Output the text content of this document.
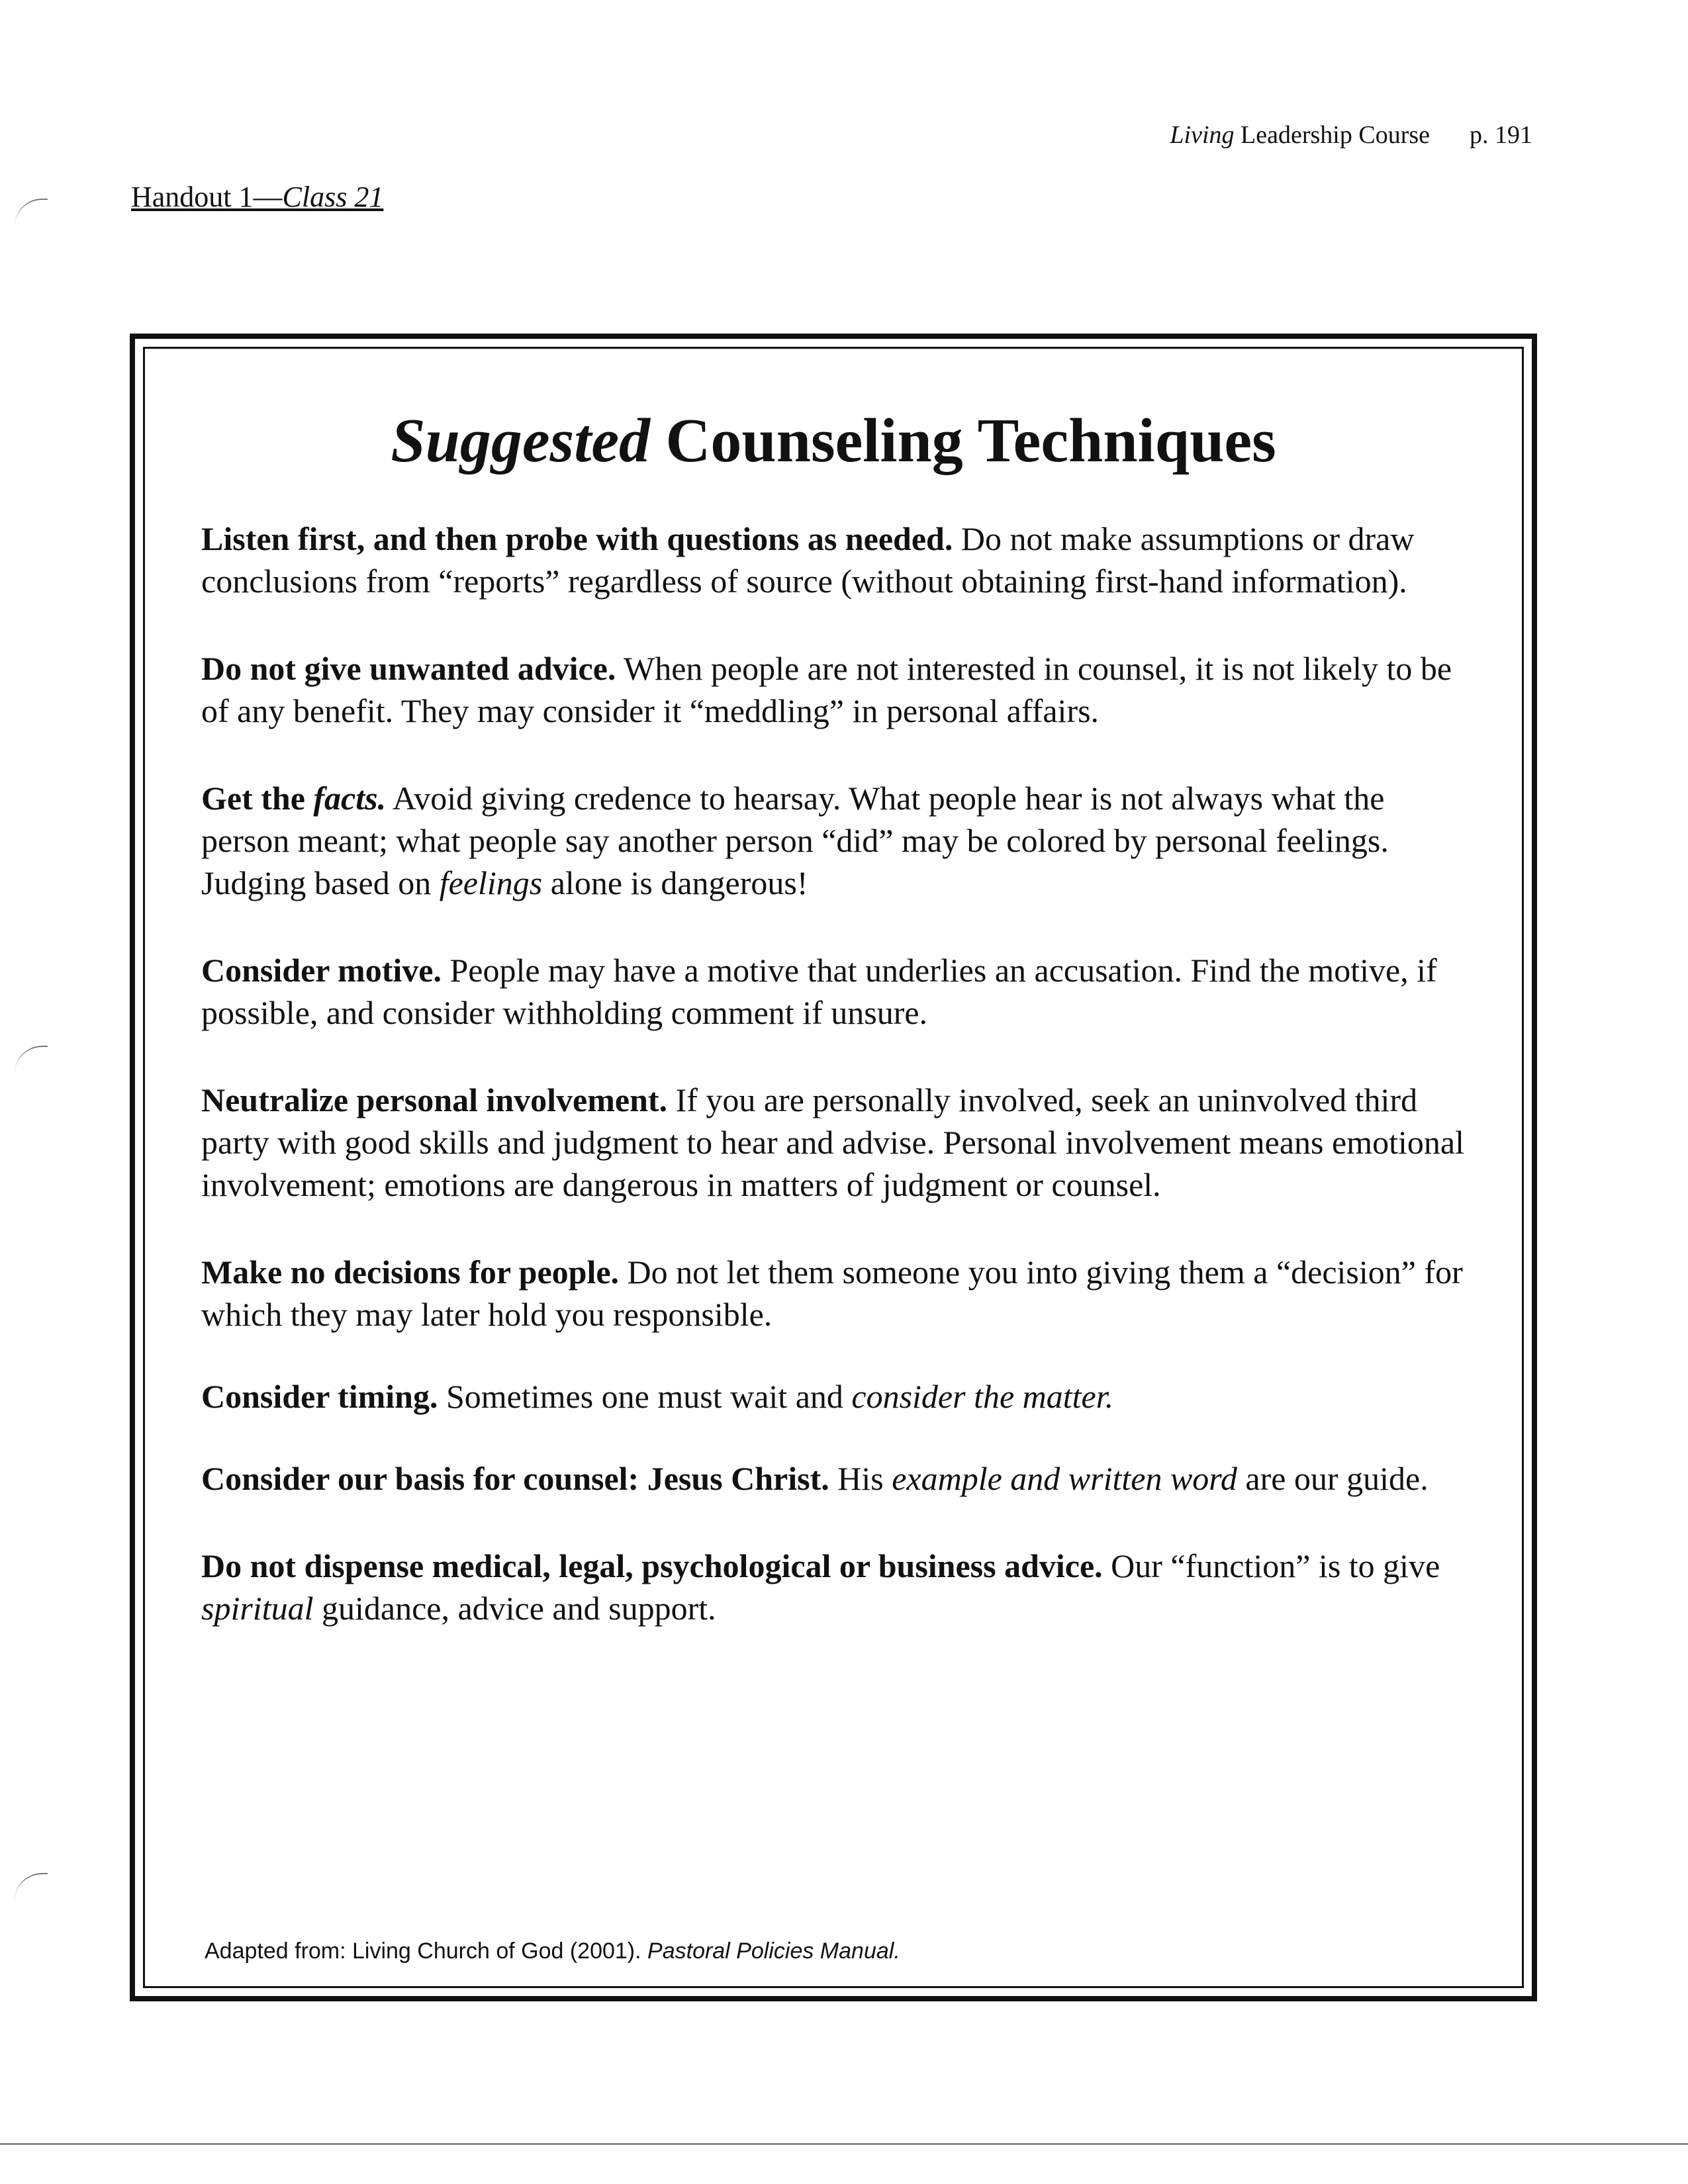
Living Leadership Course p. 191
Handout 1—Class 21
Suggested Counseling Techniques

Listen first, and then probe with questions as needed. Do not make assumptions or draw conclusions from “reports” regardless of source (without obtaining first-hand information).

Do not give unwanted advice. When people are not interested in counsel, it is not likely to be of any benefit. They may consider it “meddling” in personal affairs.

Get the facts. Avoid giving credence to hearsay. What people hear is not always what the person meant; what people say another person “did” may be colored by personal feelings. Judging based on feelings alone is dangerous!

Consider motive. People may have a motive that underlies an accusation. Find the motive, if possible, and consider withholding comment if unsure.

Neutralize personal involvement. If you are personally involved, seek an uninvolved third party with good skills and judgment to hear and advise. Personal involvement means emotional involvement; emotions are dangerous in matters of judgment or counsel.

Make no decisions for people. Do not let them someone you into giving them a “decision” for which they may later hold you responsible.

Consider timing. Sometimes one must wait and consider the matter.

Consider our basis for counsel: Jesus Christ. His example and written word are our guide.

Do not dispense medical, legal, psychological or business advice. Our “function” is to give spiritual guidance, advice and support.

Adapted from: Living Church of God (2001). Pastoral Policies Manual.
